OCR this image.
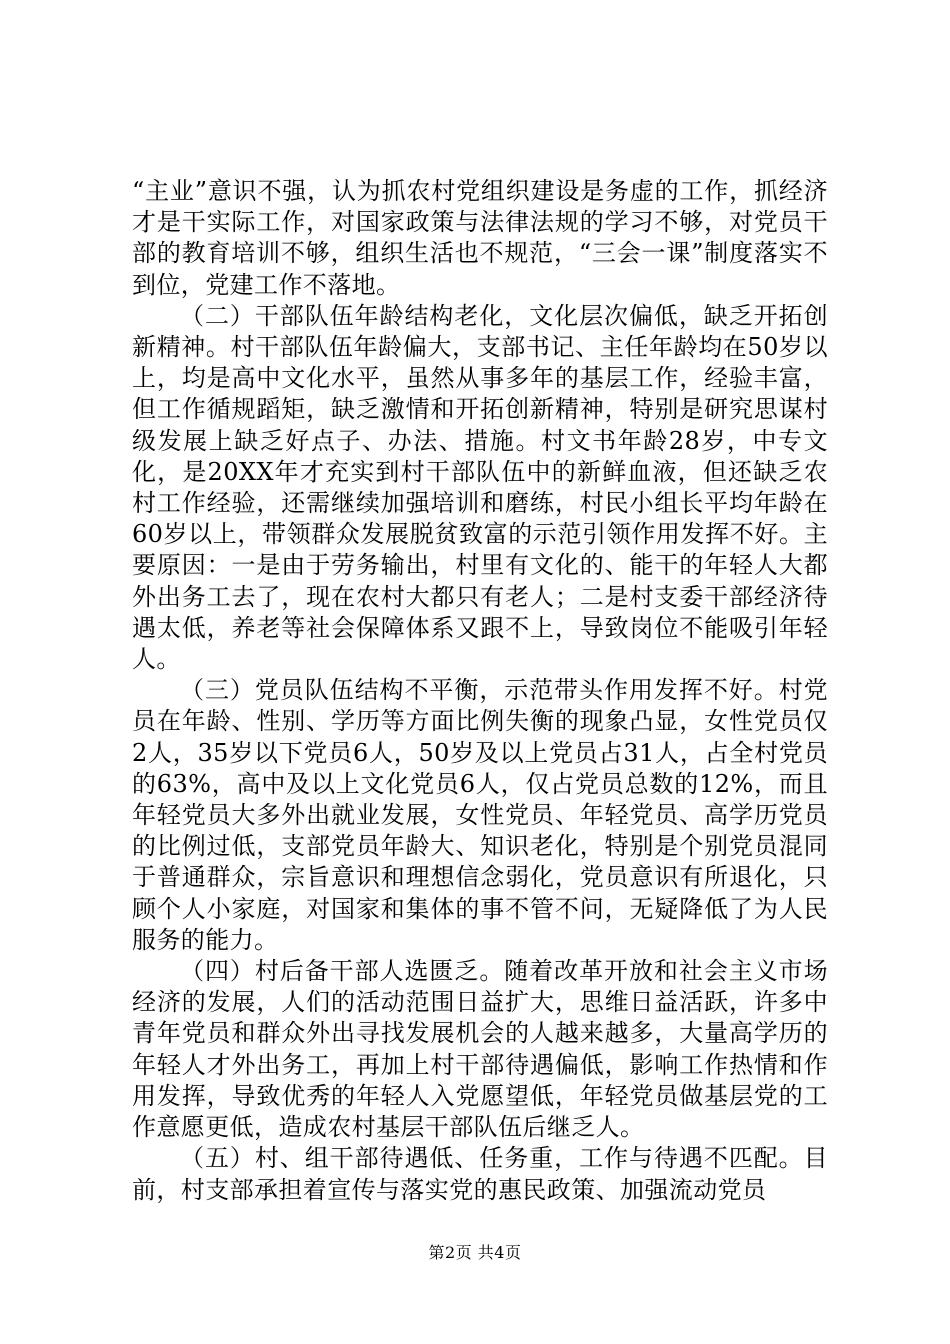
“主业”意识不强，认为抓农村党组织建设是务虚的工作，抓经济才是干实际工作，对国家政策与法律法规的学习不够，对党员干部的教育培训不够，组织生活也不规范，“三会一课”制度落实不到位，党建工作不落地。

（二）干部队伍年龄结构老化，文化层次偏低，缺乏开拓创新精神。村干部队伍年龄偏大，支部书记、主任年龄均在50岁以上，均是高中文化水平，虽然从事多年的基层工作，经验丰富，但工作循规蹈矩，缺乏激情和开拓创新精神，特别是研究思谋村级发展上缺乏好点子、办法、措施。村文书年龄28岁，中专文化，是20XX年才充实到村干部队伍中的新鲜血液，但还缺乏农村工作经验，还需继续加强培训和磨练，村民小组长平均年龄在60岁以上，带领群众发展脱贫致富的示范引领作用发挥不好。主要原因：一是由于劳务输出，村里有文化的、能干的年轻人大都外出务工去了，现在农村大都只有老人；二是村支委干部经济待遇太低，养老等社会保障体系又跟不上，导致岗位不能吸引年轻人。

（三）党员队伍结构不平衡，示范带头作用发挥不好。村党员在年龄、性别、学历等方面比例失衡的现象凸显，女性党员仅2人，35岁以下党员6人，50岁及以上党员占31人，占全村党员的63%，高中及以上文化党员6人，仅占党员总数的12%，而且年轻党员大多外出就业发展，女性党员、年轻党员、高学历党员的比例过低，支部党员年龄大、知识老化，特别是个别党员混同于普通群众，宗旨意识和理想信念弱化，党员意识有所退化，只顾个人小家庭，对国家和集体的事不管不问，无疑降低了为人民服务的能力。

（四）村后备干部人选匮乏。随着改革开放和社会主义市场经济的发展，人们的活动范围日益扩大，思维日益活跃，许多中青年党员和群众外出寻找发展机会的人越来越多，大量高学历的年轻人才外出务工，再加上村干部待遇偏低，影响工作热情和作用发挥，导致优秀的年轻人入党愿望低，年轻党员做基层党的工作意愿更低，造成农村基层干部队伍后继乏人。

（五）村、组干部待遇低、任务重，工作与待遇不匹配。目前，村支部承担着宣传与落实党的惠民政策、加强流动党员

第2页 共4页
